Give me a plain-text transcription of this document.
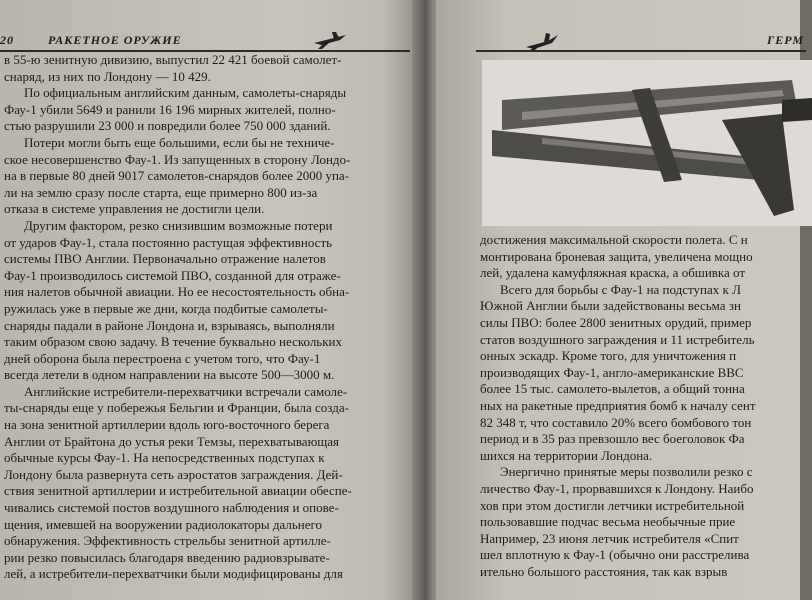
20	РАКЕТНОЕ ОРУЖИЕ
в 55-ю зенитную дивизию, выпустил 22 421 боевой самолет-
снаряд, из них по Лондону — 10 429.
По официальным английским данным, самолеты-снаряды
Фау-1 убили 5649 и ранили 16 196 мирных жителей, полно-
стью разрушили 23 000 и повредили более 750 000 зданий.
Потери могли быть еще большими, если бы не техниче-
ское несовершенство Фау-1. Из запущенных в сторону Лондо-
на в первые 80 дней 9017 самолетов-снарядов более 2000 упа-
ли на землю сразу после старта, еще примерно 800 из-за
отказа в системе управления не достигли цели.
Другим фактором, резко снизившим возможные потери
от ударов Фау-1, стала постоянно растущая эффективность
системы ПВО Англии. Первоначально отражение налетов
Фау-1 производилось системой ПВО, созданной для отраже-
ния налетов обычной авиации. Но ее несостоятельность обна-
ружилась уже в первые же дни, когда подбитые самолеты-
снаряды падали в районе Лондона и, взрываясь, выполняли
таким образом свою задачу. В течение буквально нескольких
дней оборона была перестроена с учетом того, что Фау-1
всегда летели в одном направлении на высоте 500—3000 м.
Английские истребители-перехватчики встречали самоле-
ты-снаряды еще у побережья Бельгии и Франции, была созда-
на зона зенитной артиллерии вдоль юго-восточного берега
Англии от Брайтона до устья реки Темзы, перехватывающая
обычные курсы Фау-1. На непосредственных подступах к
Лондону была развернута сеть аэростатов заграждения. Дей-
ствия зенитной артиллерии и истребительной авиации обеспе-
чивались системой постов воздушного наблюдения и опове-
щения, имевшей на вооружении радиолокаторы дальнего
обнаружения. Эффективность стрельбы зенитной артилле-
рии резко повысилась благодаря введению радиовзрывате-
лей, а истребители-перехватчики были модифицированы для
ГЕРМ
достижения максимальной скорости полета. С н
монтирована броневая защита, увеличена мощно
лей, удалена камуфляжная краска, а обшивка от
Всего для борьбы с Фау-1 на подступах к Л
Южной Англии были задействованы весьма зн
силы ПВО: более 2800 зенитных орудий, пример
статов воздушного заграждения и 11 истребитель
онных эскадр. Кроме того, для уничтожения п
производящих Фау-1, англо-американские ВВС
более 15 тыс. самолето-вылетов, а общий тонна
ных на ракетные предприятия бомб к началу сент
82 348 т, что составило 20% всего бомбового тон
период и в 35 раз превзошло вес боеголовок Фа
шихся на территории Лондона.
Энергично принятые меры позволили резко с
личество Фау-1, прорвавшихся к Лондону. Наибо
хов при этом достигли летчики истребительной
пользовавшие подчас весьма необычные прие
Например, 23 июня летчик истребителя «Спит
шел вплотную к Фау-1 (обычно они расстрелива
ительно большого расстояния, так как взрыв
